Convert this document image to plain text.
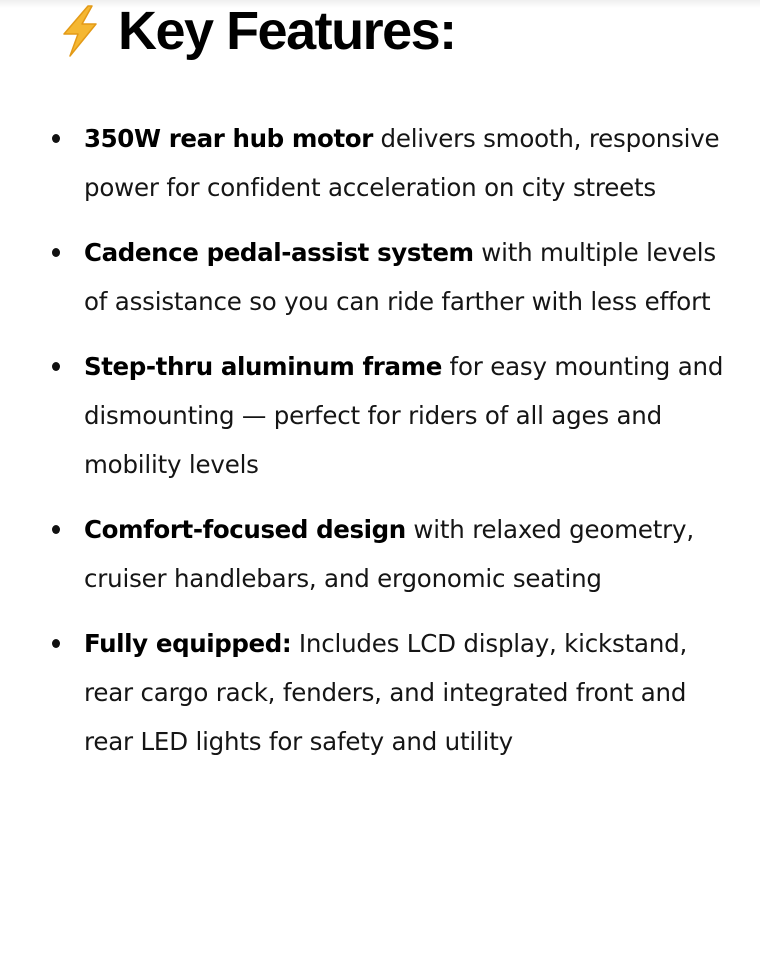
Key Features:
350W rear hub motor delivers smooth, responsive power for confident acceleration on city streets
Cadence pedal-assist system with multiple levels of assistance so you can ride farther with less effort
Step-thru aluminum frame for easy mounting and dismounting — perfect for riders of all ages and mobility levels
Comfort-focused design with relaxed geometry, cruiser handlebars, and ergonomic seating
Fully equipped: Includes LCD display, kickstand, rear cargo rack, fenders, and integrated front and rear LED lights for safety and utility
